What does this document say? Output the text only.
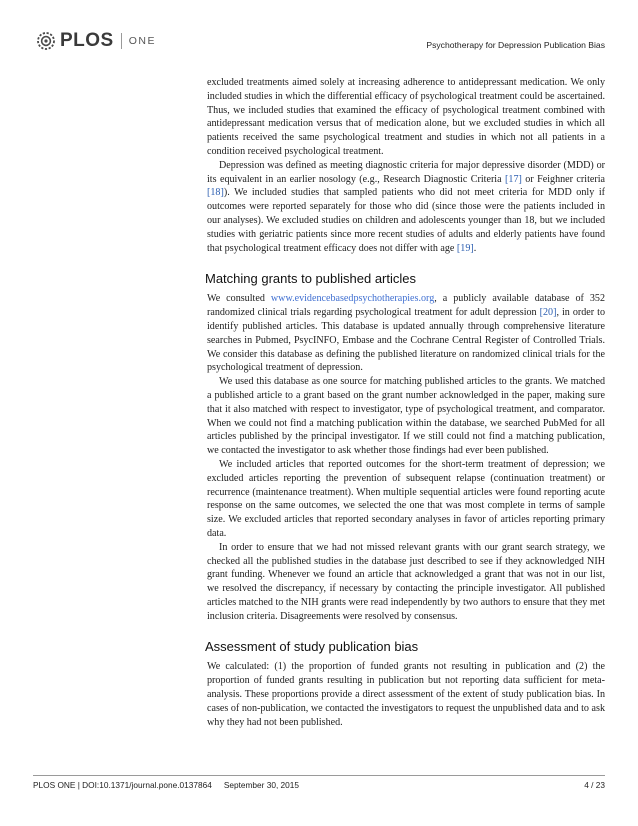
PLOS ONE	Psychotherapy for Depression Publication Bias

excluded treatments aimed solely at increasing adherence to antidepressant medication. We only included studies in which the differential efficacy of psychological treatment could be ascertained. Thus, we included studies that examined the efficacy of psychological treatment combined with antidepressant medication versus that of medication alone, but we excluded studies in which all patients received the same psychological treatment and studies in which not all patients in a condition received psychological treatment.

Depression was defined as meeting diagnostic criteria for major depressive disorder (MDD) or its equivalent in an earlier nosology (e.g., Research Diagnostic Criteria [17] or Feighner criteria [18]). We included studies that sampled patients who did not meet criteria for MDD only if outcomes were reported separately for those who did (since those were the patients included in our analyses). We excluded studies on children and adolescents younger than 18, but we included studies with geriatric patients since more recent studies of adults and elderly patients have found that psychological treatment efficacy does not differ with age [19].

Matching grants to published articles

We consulted www.evidencebasedpsychotherapies.org, a publicly available database of 352 randomized clinical trials regarding psychological treatment for adult depression [20], in order to identify published articles. This database is updated annually through comprehensive literature searches in Pubmed, PsycINFO, Embase and the Cochrane Central Register of Controlled Trials. We consider this database as defining the published literature on randomized clinical trials for the psychological treatment of depression.

We used this database as one source for matching published articles to the grants. We matched a published article to a grant based on the grant number acknowledged in the paper, making sure that it also matched with respect to investigator, type of psychological treatment, and comparator. When we could not find a matching publication within the database, we searched PubMed for all articles published by the principal investigator. If we still could not find a matching publication, we contacted the investigator to ask whether those findings had ever been published.

We included articles that reported outcomes for the short-term treatment of depression; we excluded articles reporting the prevention of subsequent relapse (continuation treatment) or recurrence (maintenance treatment). When multiple sequential articles were found reporting acute response on the same outcomes, we selected the one that was most complete in terms of sample size. We excluded articles that reported secondary analyses in favor of articles reporting primary data.

In order to ensure that we had not missed relevant grants with our grant search strategy, we checked all the published studies in the database just described to see if they acknowledged NIH grant funding. Whenever we found an article that acknowledged a grant that was not in our list, we resolved the discrepancy, if necessary by contacting the principle investigator. All published articles matched to the NIH grants were read independently by two authors to ensure that they met inclusion criteria. Disagreements were resolved by consensus.

Assessment of study publication bias

We calculated: (1) the proportion of funded grants not resulting in publication and (2) the proportion of funded grants resulting in publication but not reporting data sufficient for meta-analysis. These proportions provide a direct assessment of the extent of study publication bias. In cases of non-publication, we contacted the investigators to request the unpublished data and to ask why they had not been published.

PLOS ONE | DOI:10.1371/journal.pone.0137864 September 30, 2015	4 / 23
